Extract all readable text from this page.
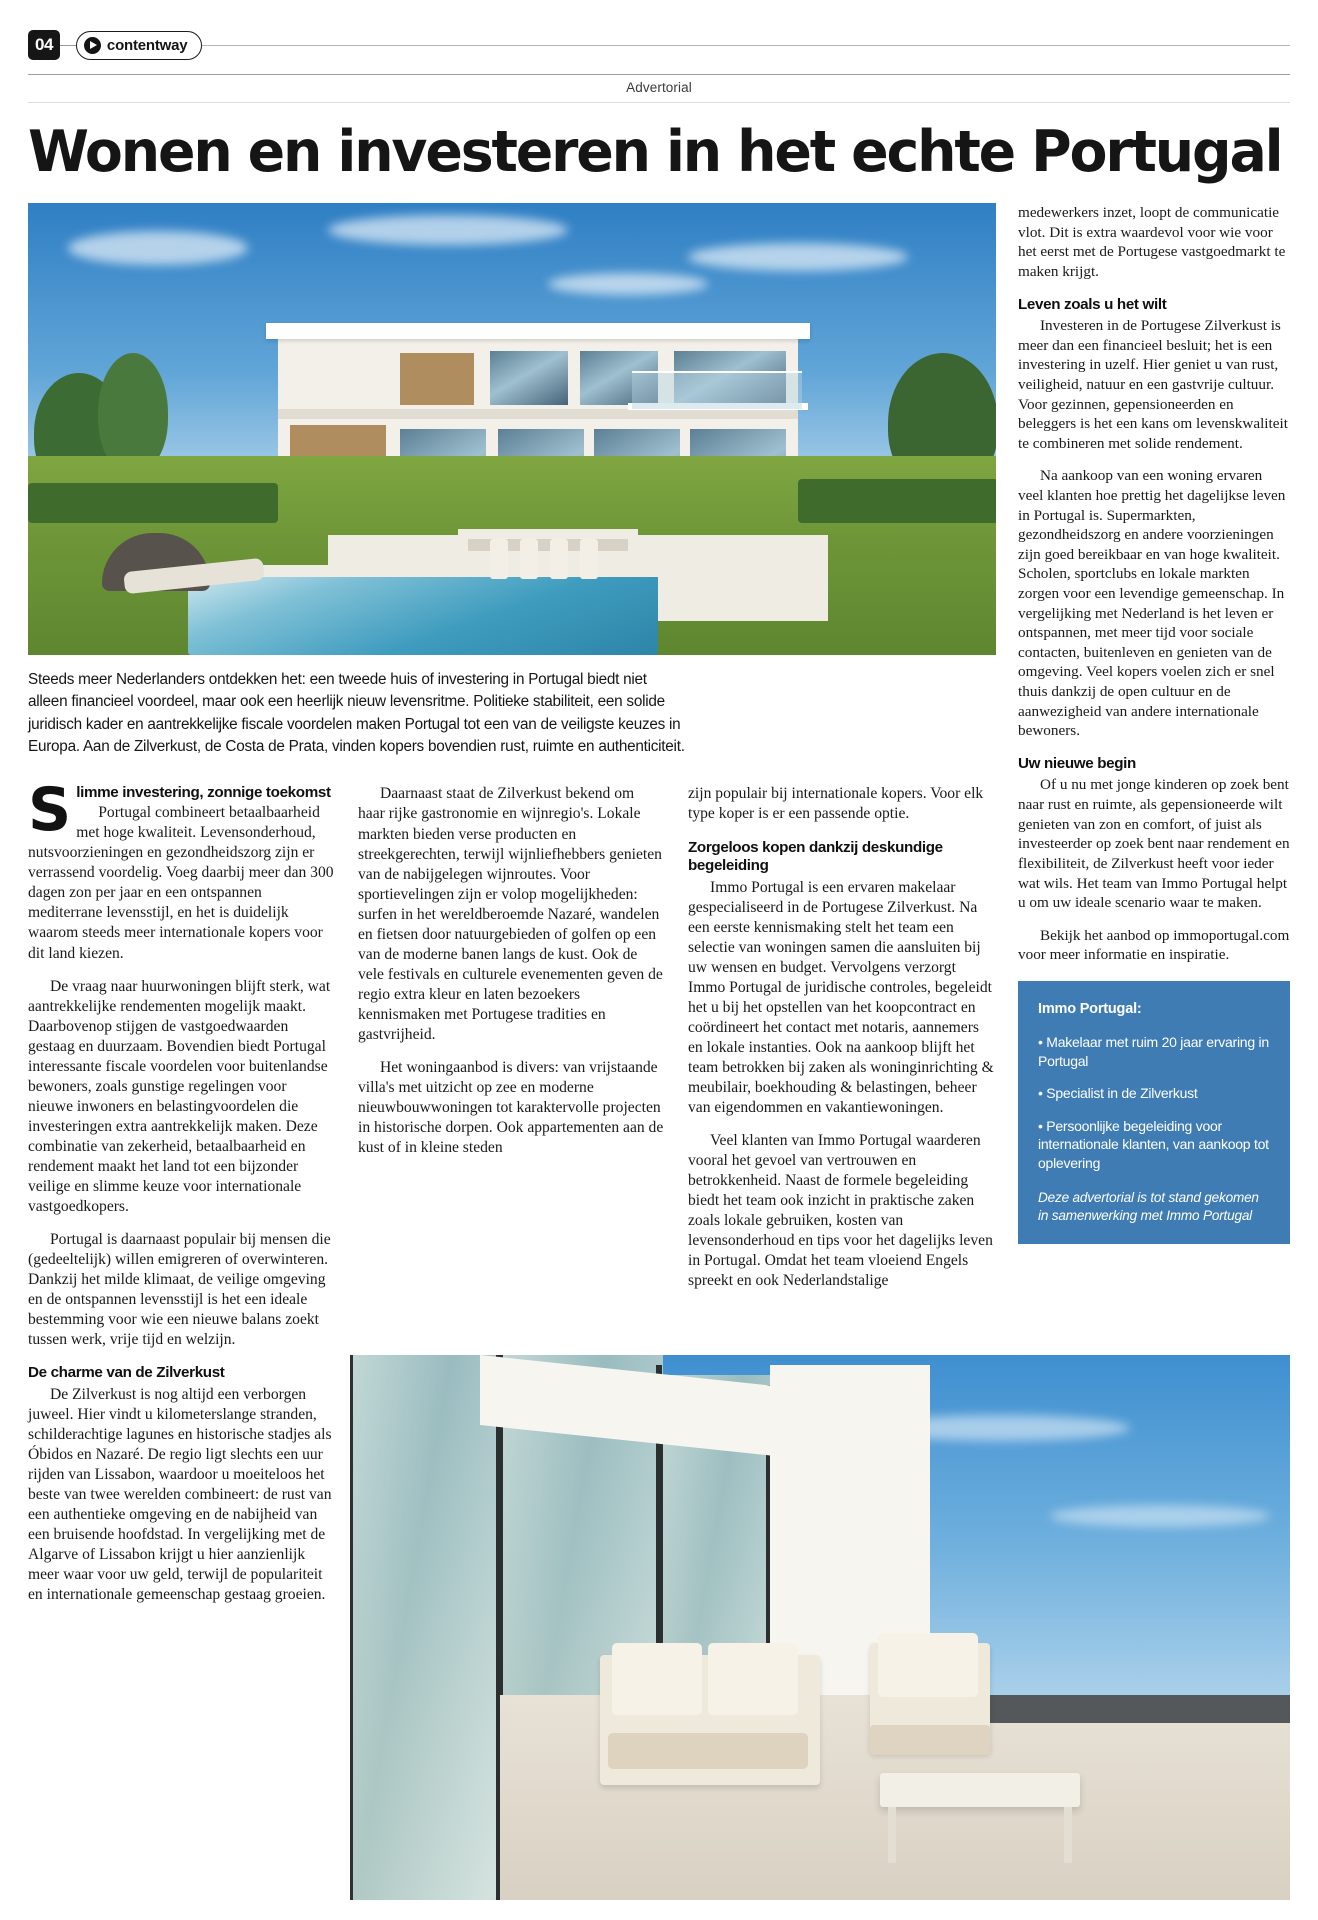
04	contentway
Advertorial
Wonen en investeren in het echte Portugal

Steeds meer Nederlanders ontdekken het: een tweede huis of investering in Portugal biedt niet alleen financieel voordeel, maar ook een heerlijk nieuw levensritme. Politieke stabiliteit, een solide juridisch kader en aantrekkelijke fiscale voordelen maken Portugal tot een van de veiligste keuzes in Europa. Aan de Zilverkust, de Costa de Prata, vinden kopers bovendien rust, ruimte en authenticiteit.

S limme investering, zonnige toekomst

Portugal combineert betaalbaarheid met hoge kwaliteit. Levensonderhoud, nutsvoorzieningen en gezondheidszorg zijn er verrassend voordelig. Voeg daarbij meer dan 300 dagen zon per jaar en een ontspannen mediterrane levensstijl, en het is duidelijk waarom steeds meer internationale kopers voor dit land kiezen.

De vraag naar huurwoningen blijft sterk, wat aantrekkelijke rendementen mogelijk maakt. Daarbovenop stijgen de vastgoedwaarden gestaag en duurzaam. Bovendien biedt Portugal interessante fiscale voordelen voor buitenlandse bewoners, zoals gunstige regelingen voor nieuwe inwoners en belastingvoordelen die investeringen extra aantrekkelijk maken. Deze combinatie van zekerheid, betaalbaarheid en rendement maakt het land tot een bijzonder veilige en slimme keuze voor internationale vastgoedkopers.

Portugal is daarnaast populair bij mensen die (gedeeltelijk) willen emigreren of overwinteren. Dankzij het milde klimaat, de veilige omgeving en de ontspannen levensstijl is het een ideale bestemming voor wie een nieuwe balans zoekt tussen werk, vrije tijd en welzijn.

De charme van de Zilverkust

De Zilverkust is nog altijd een verborgen juweel. Hier vindt u kilometerslange stranden, schilderachtige lagunes en historische stadjes als Óbidos en Nazaré. De regio ligt slechts een uur rijden van Lissabon, waardoor u moeiteloos het beste van twee werelden combineert: de rust van een authentieke omgeving en de nabijheid van een bruisende hoofdstad. In vergelijking met de Algarve of Lissabon krijgt u hier aanzienlijk meer waar voor uw geld, terwijl de populariteit en internationale gemeenschap gestaag groeien.

Daarnaast staat de Zilverkust bekend om haar rijke gastronomie en wijnregio's. Lokale markten bieden verse producten en streekgerechten, terwijl wijnliefhebbers genieten van de nabijgelegen wijnroutes. Voor sportievelingen zijn er volop mogelijkheden: surfen in het wereldberoemde Nazaré, wandelen en fietsen door natuurgebieden of golfen op een van de moderne banen langs de kust. Ook de vele festivals en culturele evenementen geven de regio extra kleur en laten bezoekers kennismaken met Portugese tradities en gastvrijheid.

Het woningaanbod is divers: van vrijstaande villa's met uitzicht op zee en moderne nieuwbouwwoningen tot karaktervolle projecten in historische dorpen. Ook appartementen aan de kust of in kleine steden

zijn populair bij internationale kopers. Voor elk type koper is er een passende optie.

Zorgeloos kopen dankzij deskundige begeleiding

Immo Portugal is een ervaren makelaar gespecialiseerd in de Portugese Zilverkust. Na een eerste kennismaking stelt het team een selectie van woningen samen die aansluiten bij uw wensen en budget. Vervolgens verzorgt Immo Portugal de juridische controles, begeleidt het u bij het opstellen van het koopcontract en coördineert het contact met notaris, aannemers en lokale instanties. Ook na aankoop blijft het team betrokken bij zaken als woninginrichting & meubilair, boekhouding & belastingen, beheer van eigendommen en vakantiewoningen.

Veel klanten van Immo Portugal waarderen vooral het gevoel van vertrouwen en betrokkenheid. Naast de formele begeleiding biedt het team ook inzicht in praktische zaken zoals lokale gebruiken, kosten van levensonderhoud en tips voor het dagelijks leven in Portugal. Omdat het team vloeiend Engels spreekt en ook Nederlandstalige

medewerkers inzet, loopt de communicatie vlot. Dit is extra waardevol voor wie voor het eerst met de Portugese vastgoedmarkt te maken krijgt.

Leven zoals u het wilt

Investeren in de Portugese Zilverkust is meer dan een financieel besluit; het is een investering in uzelf. Hier geniet u van rust, veiligheid, natuur en een gastvrije cultuur. Voor gezinnen, gepensioneerden en beleggers is het een kans om levenskwaliteit te combineren met solide rendement.

Na aankoop van een woning ervaren veel klanten hoe prettig het dagelijkse leven in Portugal is. Supermarkten, gezondheidszorg en andere voorzieningen zijn goed bereikbaar en van hoge kwaliteit. Scholen, sportclubs en lokale markten zorgen voor een levendige gemeenschap. In vergelijking met Nederland is het leven er ontspannen, met meer tijd voor sociale contacten, buitenleven en genieten van de omgeving. Veel kopers voelen zich er snel thuis dankzij de open cultuur en de aanwezigheid van andere internationale bewoners.

Uw nieuwe begin

Of u nu met jonge kinderen op zoek bent naar rust en ruimte, als gepensioneerde wilt genieten van zon en comfort, of juist als investeerder op zoek bent naar rendement en flexibiliteit, de Zilverkust heeft voor ieder wat wils. Het team van Immo Portugal helpt u om uw ideale scenario waar te maken.

Bekijk het aanbod op immoportugal.com voor meer informatie en inspiratie.

Immo Portugal:
• Makelaar met ruim 20 jaar ervaring in Portugal
• Specialist in de Zilverkust
• Persoonlijke begeleiding voor internationale klanten, van aankoop tot oplevering
Deze advertorial is tot stand gekomen in samenwerking met Immo Portugal
